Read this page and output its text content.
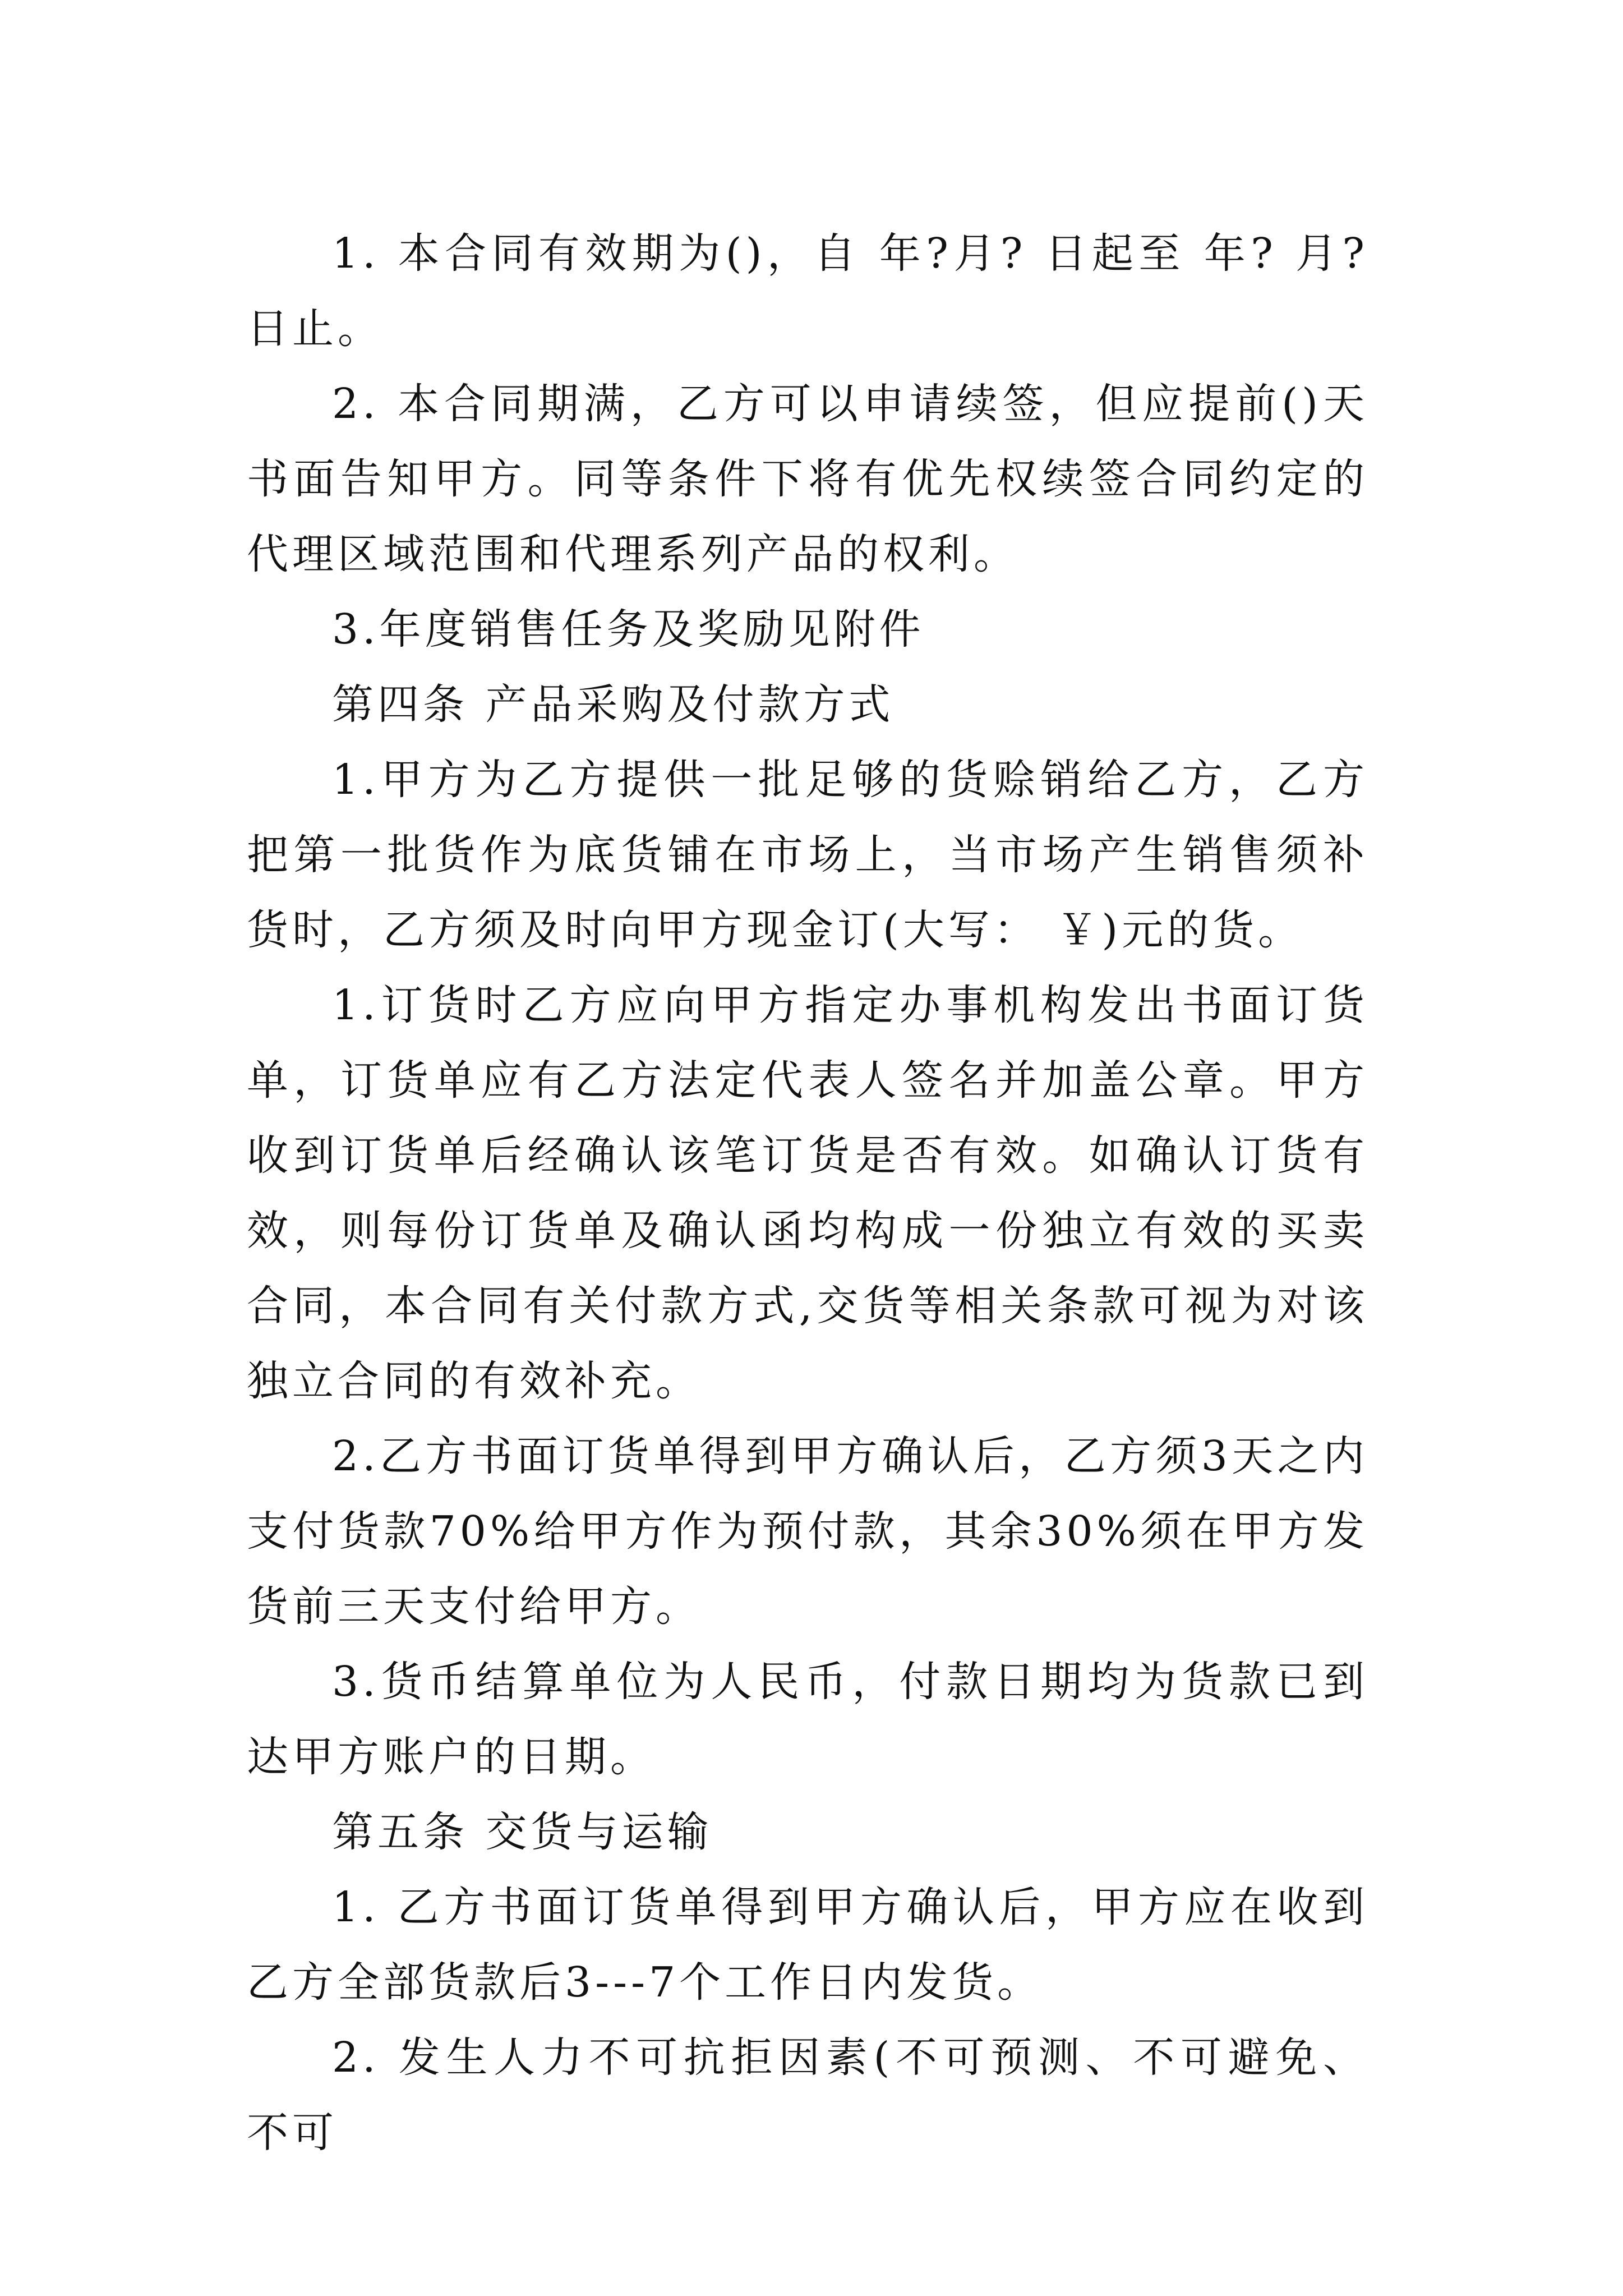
1. 本合同有效期为()，自 年?月? 日起至 年? 月? 日止。

2. 本合同期满，乙方可以申请续签，但应提前()天书面告知甲方。同等条件下将有优先权续签合同约定的代理区域范围和代理系列产品的权利。

3.年度销售任务及奖励见附件

第四条 产品采购及付款方式

1.甲方为乙方提供一批足够的货赊销给乙方，乙方把第一批货作为底货铺在市场上，当市场产生销售须补货时，乙方须及时向甲方现金订(大写： ￥)元的货。

1.订货时乙方应向甲方指定办事机构发出书面订货单，订货单应有乙方法定代表人签名并加盖公章。甲方收到订货单后经确认该笔订货是否有效。如确认订货有效，则每份订货单及确认函均构成一份独立有效的买卖合同，本合同有关付款方式,交货等相关条款可视为对该独立合同的有效补充。

2.乙方书面订货单得到甲方确认后，乙方须3天之内支付货款70%给甲方作为预付款，其余30%须在甲方发货前三天支付给甲方。

3.货币结算单位为人民币，付款日期均为货款已到达甲方账户的日期。

第五条 交货与运输

1. 乙方书面订货单得到甲方确认后，甲方应在收到乙方全部货款后3---7个工作日内发货。

2. 发生人力不可抗拒因素(不可预测、不可避免、不可
